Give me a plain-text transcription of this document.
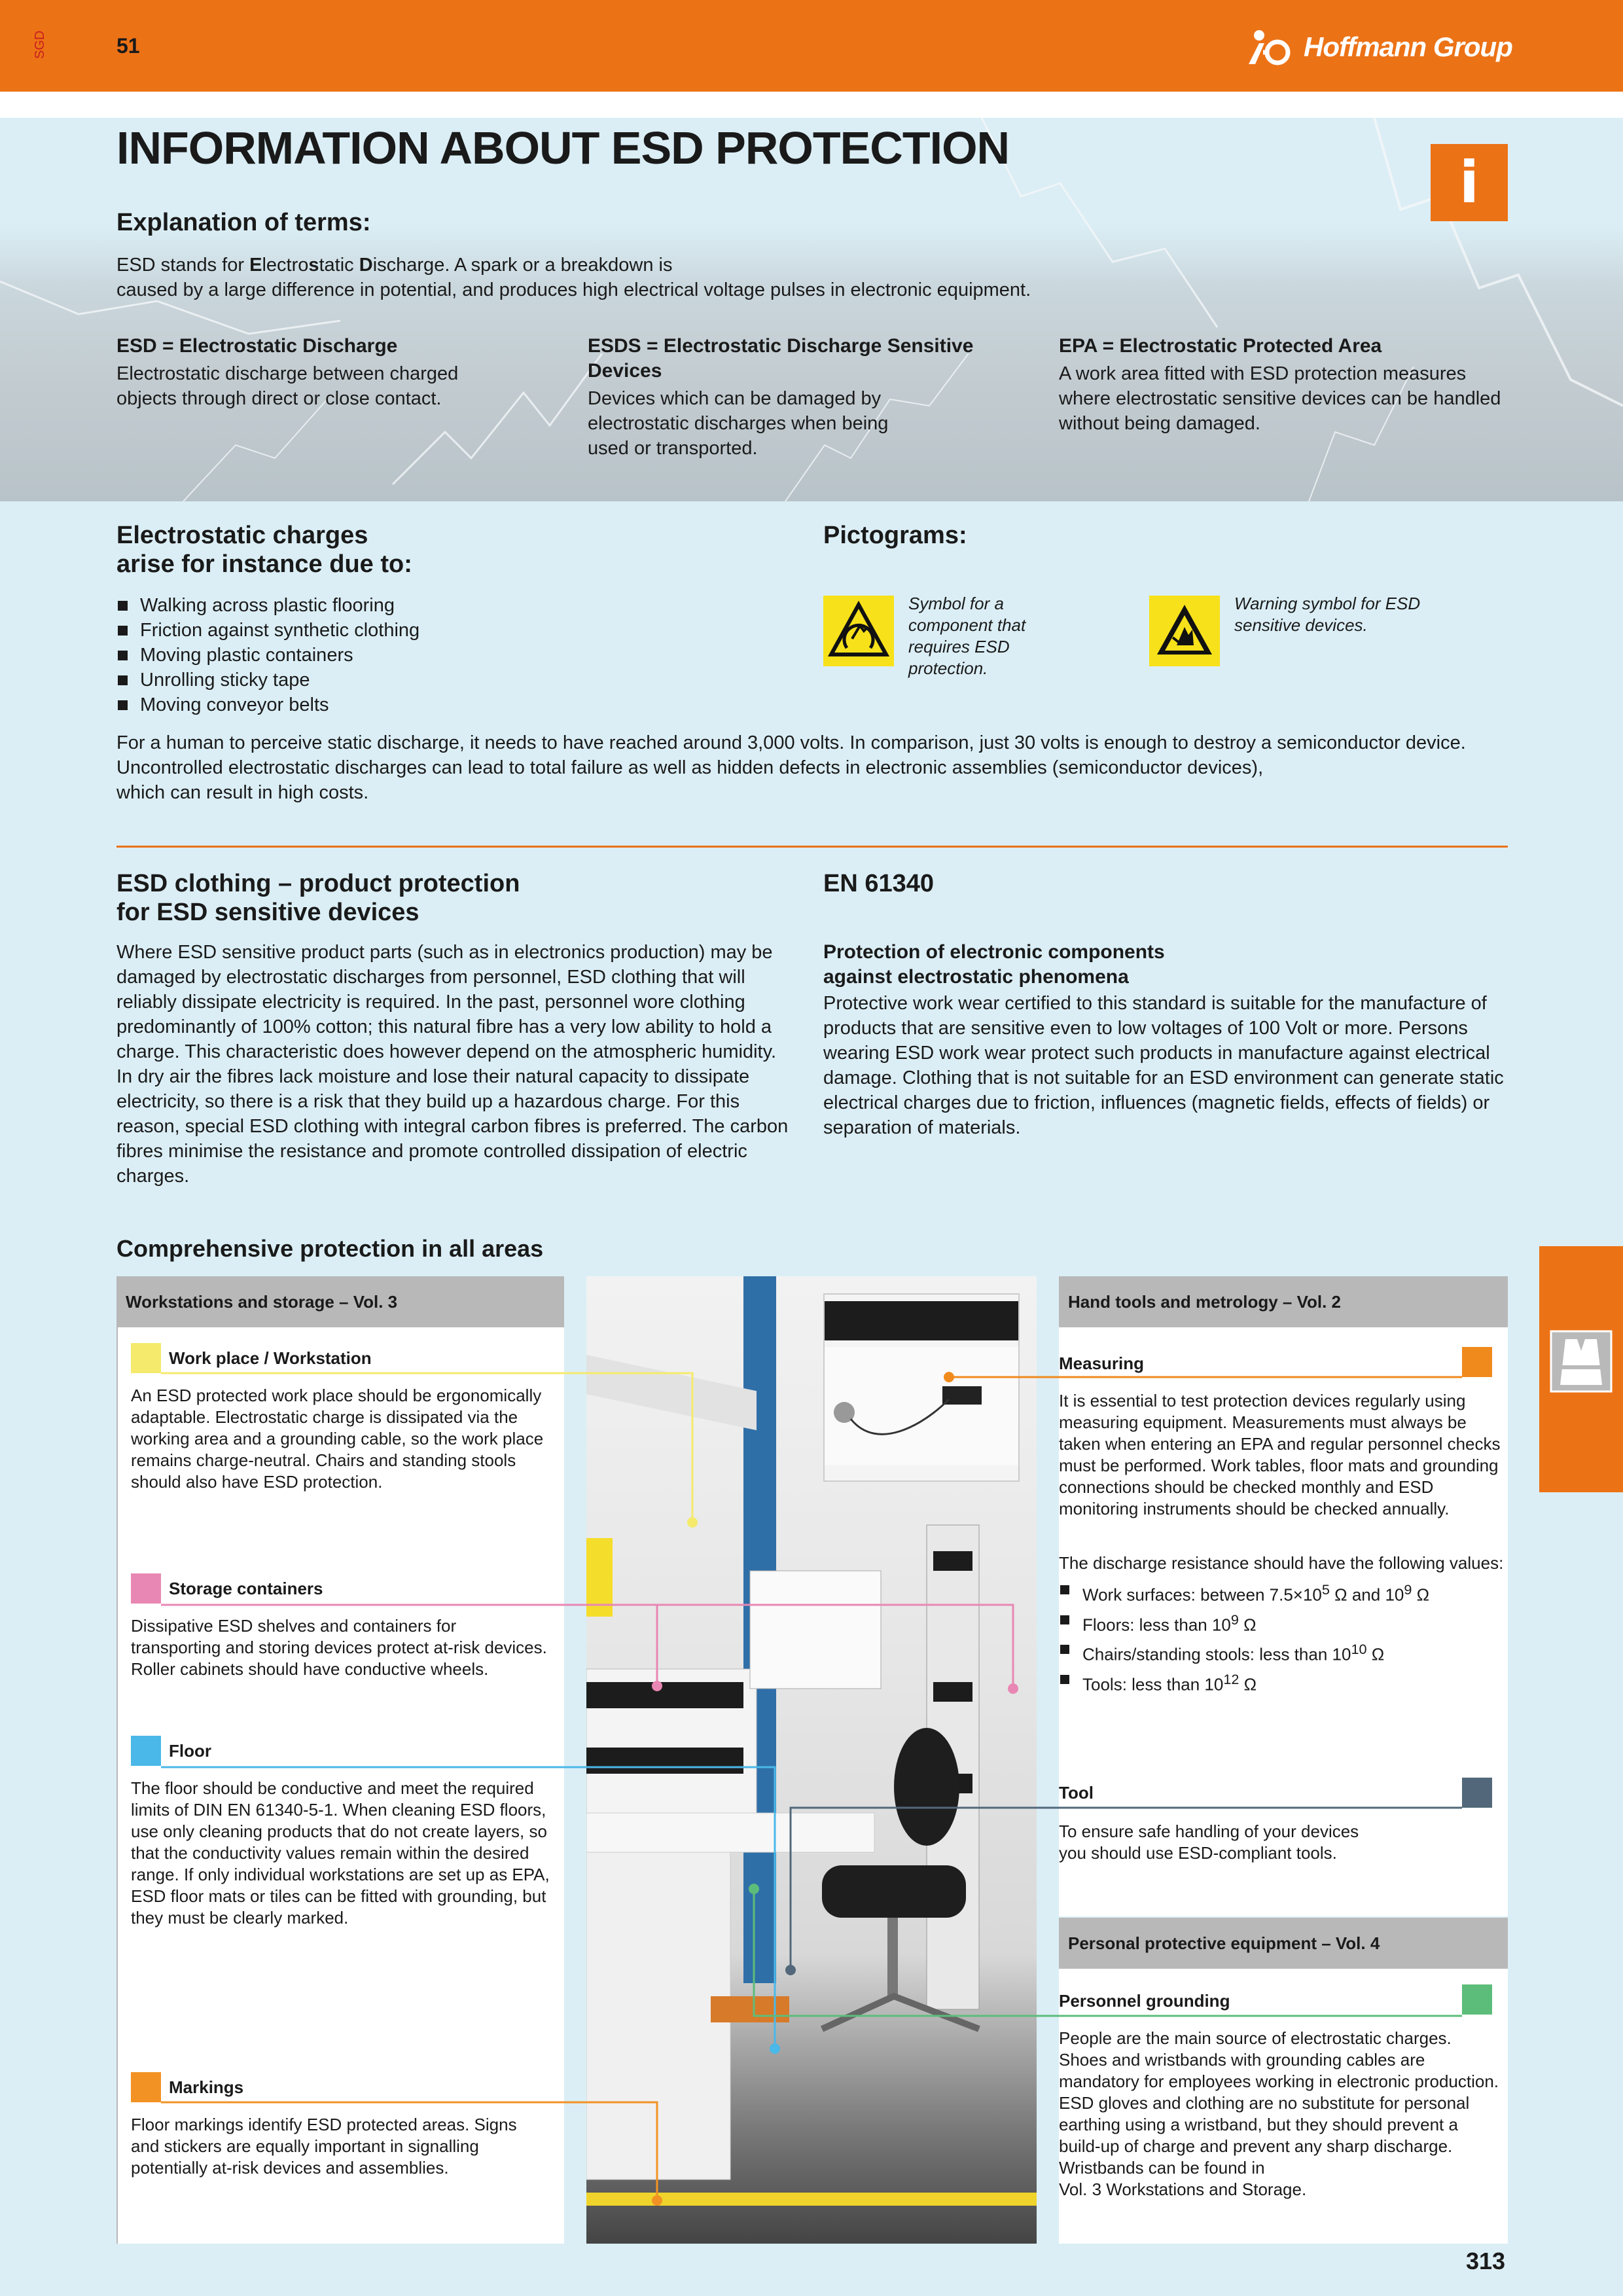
51
SGD	Hoffmann Group
INFORMATION ABOUT ESD PROTECTION
i
Explanation of terms:
ESD stands for Electrostatic Discharge. A spark or a breakdown is
caused by a large difference in potential, and produces high electrical voltage pulses in electronic equipment.
ESD = Electrostatic Discharge
Electrostatic discharge between charged objects through direct or close contact.
ESDS = Electrostatic Discharge Sensitive Devices
Devices which can be damaged by electrostatic discharges when being used or transported.
EPA = Electrostatic Protected Area
A work area fitted with ESD protection measures where electrostatic sensitive devices can be handled without being damaged.
Electrostatic charges
arise for instance due to:
Walking across plastic flooring
Friction against synthetic clothing
Moving plastic containers
Unrolling sticky tape
Moving conveyor belts
Pictograms:
Symbol for a component that requires ESD protection.
Warning symbol for ESD sensitive devices.
For a human to perceive static discharge, it needs to have reached around 3,000 volts. In comparison, just 30 volts is enough to destroy a semiconductor device.
Uncontrolled electrostatic discharges can lead to total failure as well as hidden defects in electronic assemblies (semiconductor devices),
which can result in high costs.
ESD clothing – product protection
for ESD sensitive devices
Where ESD sensitive product parts (such as in electronics production) may be damaged by electrostatic discharges from personnel, ESD clothing that will reliably dissipate electricity is required. In the past, personnel wore clothing predominantly of 100% cotton; this natural fibre has a very low ability to hold a charge. This characteristic does however depend on the atmospheric humidity. In dry air the fibres lack moisture and lose their natural capacity to dissipate electricity, so there is a risk that they build up a hazardous charge. For this reason, special ESD clothing with integral carbon fibres is preferred. The carbon fibres minimise the resistance and promote controlled dissipation of electric charges.
EN 61340
Protection of electronic components
against electrostatic phenomena
Protective work wear certified to this standard is suitable for the manufacture of products that are sensitive even to low voltages of 100 Volt or more. Persons wearing ESD work wear protect such products in manufacture against electrical damage. Clothing that is not suitable for an ESD environment can generate static electrical charges due to friction, influences (magnetic fields, effects of fields) or separation of materials.
Comprehensive protection in all areas
Workstations and storage – Vol. 3
Work place / Workstation
An ESD protected work place should be ergonomically adaptable. Electrostatic charge is dissipated via the working area and a grounding cable, so the work place remains charge-neutral. Chairs and standing stools should also have ESD protection.
Storage containers
Dissipative ESD shelves and containers for transporting and storing devices protect at-risk devices. Roller cabinets should have conductive wheels.
Floor
The floor should be conductive and meet the required limits of DIN EN 61340-5-1. When cleaning ESD floors, use only cleaning products that do not create layers, so that the conductivity values remain within the desired range. If only individual workstations are set up as EPA, ESD floor mats or tiles can be fitted with grounding, but they must be clearly marked.
Markings
Floor markings identify ESD protected areas. Signs and stickers are equally important in signalling potentially at-risk devices and assemblies.
Hand tools and metrology – Vol. 2
Measuring
It is essential to test protection devices regularly using measuring equipment. Measurements must always be taken when entering an EPA and regular personnel checks must be performed. Work tables, floor mats and grounding connections should be checked monthly and ESD monitoring instruments should be checked annually.
The discharge resistance should have the following values:
Work surfaces: between $7.5\times 10^5$ Ω and $10^9$ Ω
Floors: less than $10^9$ Ω
Chairs/standing stools: less than $10^{10}$ Ω
Tools: less than $10^{12}$ Ω
Tool
To ensure safe handling of your devices you should use ESD-compliant tools.
Personal protective equipment – Vol. 4
Personnel grounding
People are the main source of electrostatic charges. Shoes and wristbands with grounding cables are mandatory for employees working in electronic production. ESD gloves and clothing are no substitute for personal earthing using a wristband, but they should prevent a build-up of charge and prevent any sharp discharge.
Wristbands can be found in
Vol. 3 Workstations and Storage.
313
